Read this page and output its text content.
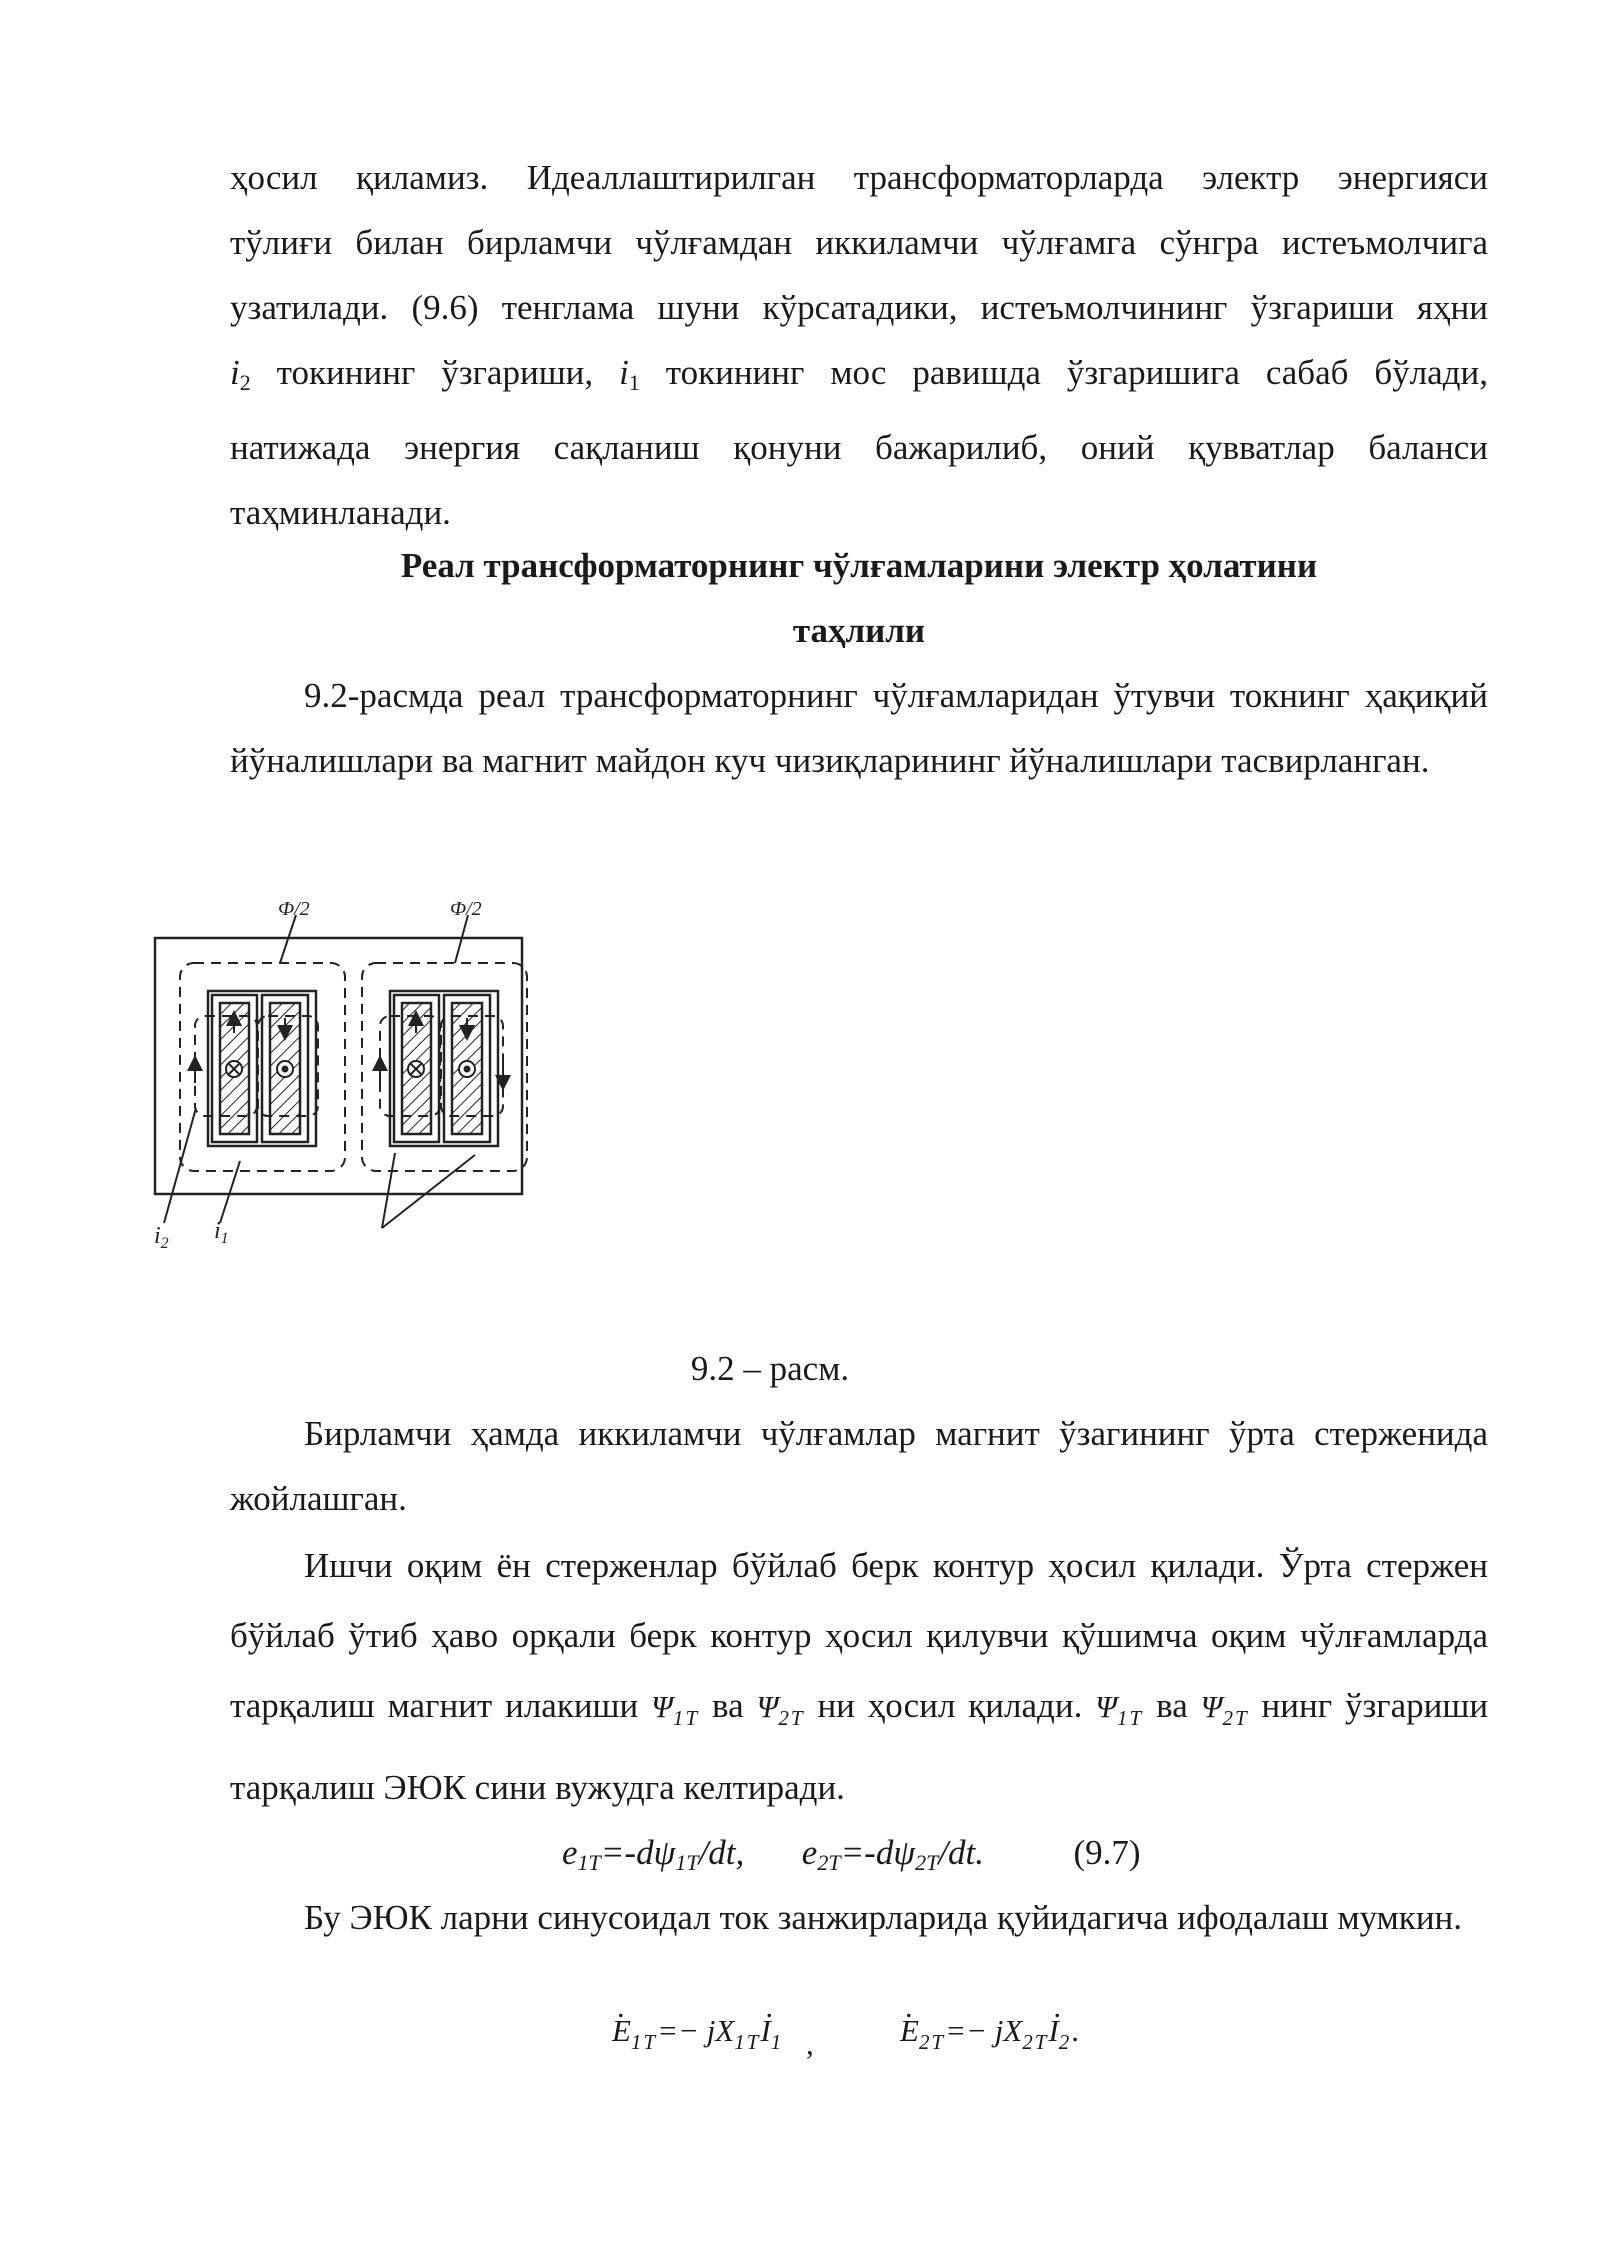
ҳосил қиламиз. Идеаллаштирилган трансформаторларда электр энергияси
тўлиғи билан бирламчи чўлғамдан иккиламчи чўлғамга сўнгра истеъмолчига
узатилади. (9.6) тенглама шуни кўрсатадики, истеъмолчининг ўзгариши яҳни
$i_2$ токининг ўзгариши, $i_1$ токининг мос равишда ўзгаришига сабаб бўлади,
натижада энергия сақланиш қонуни бажарилиб, оний қувватлар баланси
таҳминланади.
Реал трансформаторнинг чўлғамларини электр ҳолатини
таҳлили

9.2-расмда реал трансформаторнинг чўлғамларидан ўтувчи токнинг ҳақиқий йўналишлари ва магнит майдон куч чизиқларининг йўналишлари тасвирланган.

Ф/2	Ф/2
$i_2$ $i_1$
9.2 – расм.

Бирламчи ҳамда иккиламчи чўлғамлар магнит ўзагининг ўрта стерженида жойлашган.

Ишчи оқим ён стерженлар бўйлаб берк контур ҳосил қилади. Ўрта стержен бўйлаб ўтиб ҳаво орқали берк контур ҳосил қилувчи қўшимча оқим чўлғамларда тарқалиш магнит илакиши $\Psi_{1T}$ ва $\Psi_{2T}$ ни ҳосил қилади. $\Psi_{1T}$ ва $\Psi_{2T}$ нинг ўзгариши тарқалиш ЭЮК сини вужудга келтиради.

$e_{1T}=-d\psi_{1T}/dt$, $e_{2T}=-d\psi_{2T}/dt$.	(9.7)

Бу ЭЮК ларни синусоидал ток занжирларида қуйидагича ифодалаш мумкин.

. $E_{1T}=- jX_{1T}$. $I_1$ ,
.	$E_{2T}=- jX_{2T}$. $I_2$.
